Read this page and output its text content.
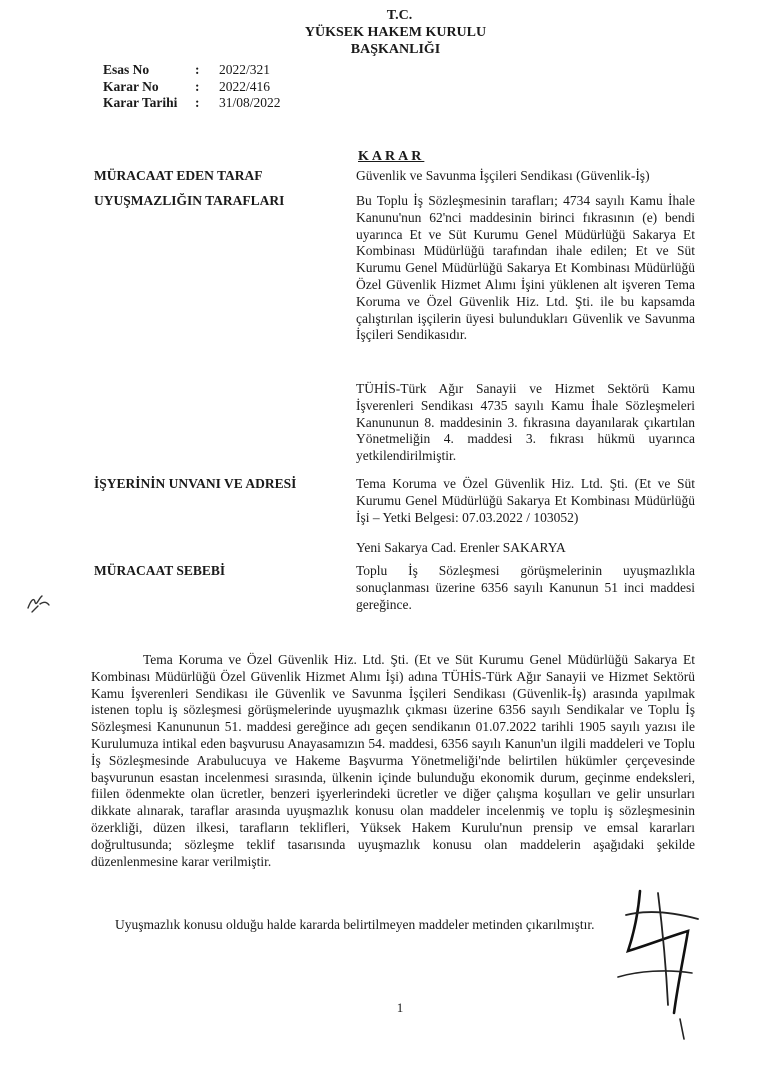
T.C.
YÜKSEK HAKEM KURULU
BAŞKANLIĞI
Esas No	:	2022/321
Karar No	:	2022/416
Karar Tarihi	:	31/08/2022
KARAR
MÜRACAAT EDEN TARAF	Güvenlik ve Savunma İşçileri Sendikası (Güvenlik-İş)
UYUŞMAZLIĞIN TARAFLARI	Bu Toplu İş Sözleşmesinin tarafları; 4734 sayılı Kamu İhale Kanunu'nun 62'nci maddesinin birinci fıkrasının (e) bendi uyarınca Et ve Süt Kurumu Genel Müdürlüğü Sakarya Et Kombinası Müdürlüğü tarafından ihale edilen; Et ve Süt Kurumu Genel Müdürlüğü Sakarya Et Kombinası Müdürlüğü Özel Güvenlik Hizmet Alımı İşini yüklenen alt işveren Tema Koruma ve Özel Güvenlik Hiz. Ltd. Şti. ile bu kapsamda çalıştırılan işçilerin üyesi bulundukları Güvenlik ve Savunma İşçileri Sendikasıdır.
TÜHİS-Türk Ağır Sanayii ve Hizmet Sektörü Kamu İşverenleri Sendikası 4735 sayılı Kamu İhale Sözleşmeleri Kanununun 8. maddesinin 3. fıkrasına dayanılarak çıkartılan Yönetmeliğin 4. maddesi 3. fıkrası hükmü uyarınca yetkilendirilmiştir.
İŞYERİNİN UNVANI VE ADRESİ	Tema Koruma ve Özel Güvenlik Hiz. Ltd. Şti. (Et ve Süt Kurumu Genel Müdürlüğü Sakarya Et Kombinası Müdürlüğü İşi – Yetki Belgesi: 07.03.2022 / 103052)
Yeni Sakarya Cad. Erenler SAKARYA
MÜRACAAT SEBEBİ	Toplu İş Sözleşmesi görüşmelerinin uyuşmazlıkla sonuçlanması üzerine 6356 sayılı Kanunun 51 inci maddesi gereğince.
Tema Koruma ve Özel Güvenlik Hiz. Ltd. Şti. (Et ve Süt Kurumu Genel Müdürlüğü Sakarya Et Kombinası Müdürlüğü Özel Güvenlik Hizmet Alımı İşi) adına TÜHİS-Türk Ağır Sanayii ve Hizmet Sektörü Kamu İşverenleri Sendikası ile Güvenlik ve Savunma İşçileri Sendikası (Güvenlik-İş) arasında yapılmak istenen toplu iş sözleşmesi görüşmelerinde uyuşmazlık çıkması üzerine 6356 sayılı Sendikalar ve Toplu İş Sözleşmesi Kanununun 51. maddesi gereğince adı geçen sendikanın 01.07.2022 tarihli 1905 sayılı yazısı ile Kurulumuza intikal eden başvurusu Anayasamızın 54. maddesi, 6356 sayılı Kanun'un ilgili maddeleri ve Toplu İş Sözleşmesinde Arabulucuya ve Hakeme Başvurma Yönetmeliği'nde belirtilen hükümler çerçevesinde başvurunun esastan incelenmesi sırasında, ülkenin içinde bulunduğu ekonomik durum, geçinme endeksleri, fiilen ödenmekte olan ücretler, benzeri işyerlerindeki ücretler ve diğer çalışma koşulları ve gelir unsurları dikkate alınarak, taraflar arasında uyuşmazlık konusu olan maddeler incelenmiş ve toplu iş sözleşmesinin özerkliği, düzen ilkesi, tarafların teklifleri, Yüksek Hakem Kurulu'nun prensip ve emsal kararları doğrultusunda; sözleşme teklif tasarısında uyuşmazlık konusu olan maddelerin aşağıdaki şekilde düzenlenmesine karar verilmiştir.
Uyuşmazlık konusu olduğu halde kararda belirtilmeyen maddeler metinden çıkarılmıştır.
1
